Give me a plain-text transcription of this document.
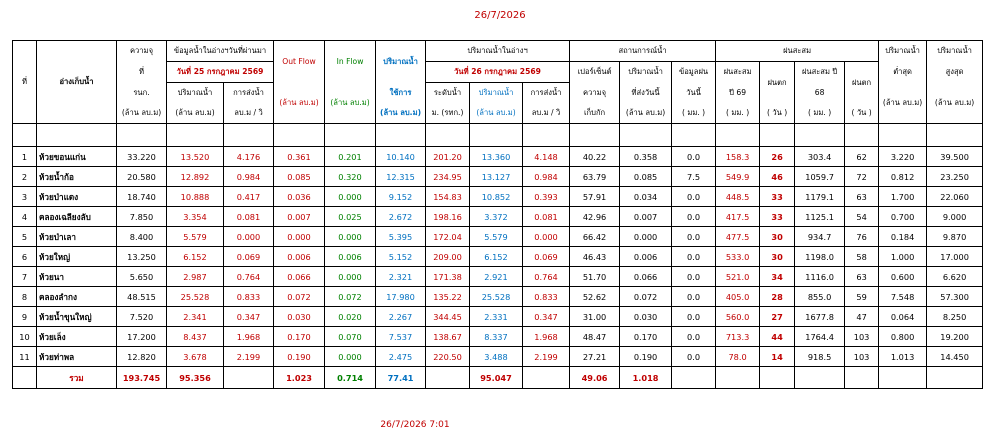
26/7/2026
ที่	อ่างเก็บน้ำ	ความจุ	ข้อมูลน้ำในอ่างฯวันที่ผ่านมา		Out Flow	In Flow	ปริมาณน้ำ	ปริมาณน้ำในอ่างฯ			สถานการณ์น้ำ			ฝนสะสม				ปริมาณน้ำ	ปริมาณน้ำ
		ที่	วันที่ 25 กรกฎาคม 2569					วันที่ 26 กรกฎาคม 2569			เปอร์เซ็นต์	ปริมาณน้ำ	ข้อมูลฝน	ฝนสะสม	ฝนตก	ฝนสะสม ปี	ฝนตก	ต่ำสุด	สูงสุด
		รนก.	ปริมาณน้ำ	การส่งน้ำ	(ล้าน ลบ.ม)	(ล้าน ลบ.ม)	ใช้การ	ระดับน้ำ	ปริมาณน้ำ	การส่งน้ำ	ความจุ	ที่ส่งวันนี้	วันนี้	ปี 69		68		(ล้าน ลบ.ม)	(ล้าน ลบ.ม)
		(ล้าน ลบ.ม)	(ล้าน ลบ.ม)	ลบ.ม / วิ			(ล้าน ลบ.ม)	ม. (รทก.)	(ล้าน ลบ.ม)	ลบ.ม / วิ	เก็บกัก	(ล้าน ลบ.ม)	( มม. )	( มม. )	( วัน )	( มม. )	( วัน )		

1	ห้วยขอนแก่น	33.220	13.520	4.176	0.361	0.201	10.140	201.20	13.360	4.148	40.22	0.358	0.0	158.3	26	303.4	62	3.220	39.500
2	ห้วยน้ำก้อ	20.580	12.892	0.984	0.085	0.320	12.315	234.95	13.127	0.984	63.79	0.085	7.5	549.9	46	1059.7	72	0.812	23.250
3	ห้วยป่าแดง	18.740	10.888	0.417	0.036	0.000	9.152	154.83	10.852	0.393	57.91	0.034	0.0	448.5	33	1179.1	63	1.700	22.060
4	คลองเฉลียงลับ	7.850	3.354	0.081	0.007	0.025	2.672	198.16	3.372	0.081	42.96	0.007	0.0	417.5	33	1125.1	54	0.700	9.000
5	ห้วยป่าเลา	8.400	5.579	0.000	0.000	0.000	5.395	172.04	5.579	0.000	66.42	0.000	0.0	477.5	30	934.7	76	0.184	9.870
6	ห้วยใหญ่	13.250	6.152	0.069	0.006	0.006	5.152	209.00	6.152	0.069	46.43	0.006	0.0	533.0	30	1198.0	58	1.000	17.000
7	ห้วยนา	5.650	2.987	0.764	0.066	0.000	2.321	171.38	2.921	0.764	51.70	0.066	0.0	521.0	34	1116.0	63	0.600	6.620
8	คลองลำกง	48.515	25.528	0.833	0.072	0.072	17.980	135.22	25.528	0.833	52.62	0.072	0.0	405.0	28	855.0	59	7.548	57.300
9	ห้วยน้ำขุนใหญ่	7.520	2.341	0.347	0.030	0.020	2.267	344.45	2.331	0.347	31.00	0.030	0.0	560.0	27	1677.8	47	0.064	8.250
10	ห้วยเล็ง	17.200	8.437	1.968	0.170	0.070	7.537	138.67	8.337	1.968	48.47	0.170	0.0	713.3	44	1764.4	103	0.800	19.200
11	ห้วยท่าพล	12.820	3.678	2.199	0.190	0.000	2.475	220.50	3.488	2.199	27.21	0.190	0.0	78.0	14	918.5	103	1.013	14.450
	รวม	193.745	95.356		1.023	0.714	77.41		95.047		49.06	1.018							
26/7/2026 7:01
